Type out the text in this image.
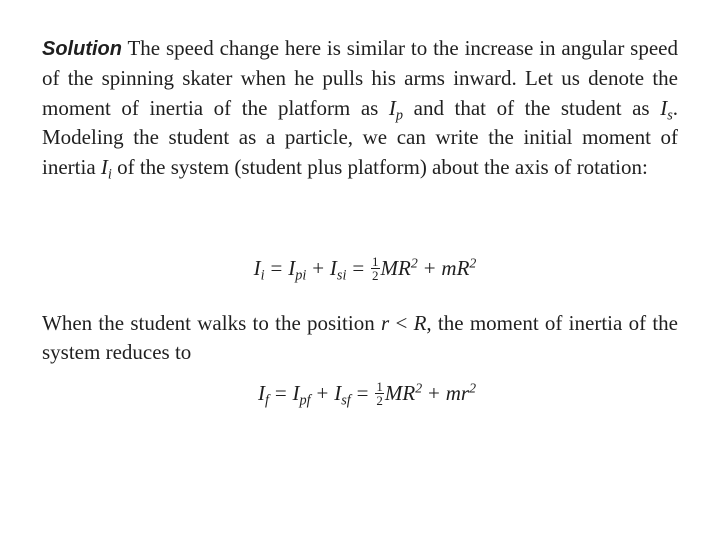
Solution The speed change here is similar to the increase in angular speed of the spinning skater when he pulls his arms inward. Let us denote the moment of inertia of the platform as $I_p$ and that of the student as $I_s$. Modeling the student as a particle, we can write the initial moment of inertia $I_i$ of the system (student plus platform) about the axis of rotation:

$I_i = I_{pi} + I_{si} = \frac{1}{2} MR^2 + mR^2$

When the student walks to the position r < R, the moment of inertia of the system reduces to

$I_f = I_{pf} + I_{sf} = \frac{1}{2} MR^2 + mr^2$
